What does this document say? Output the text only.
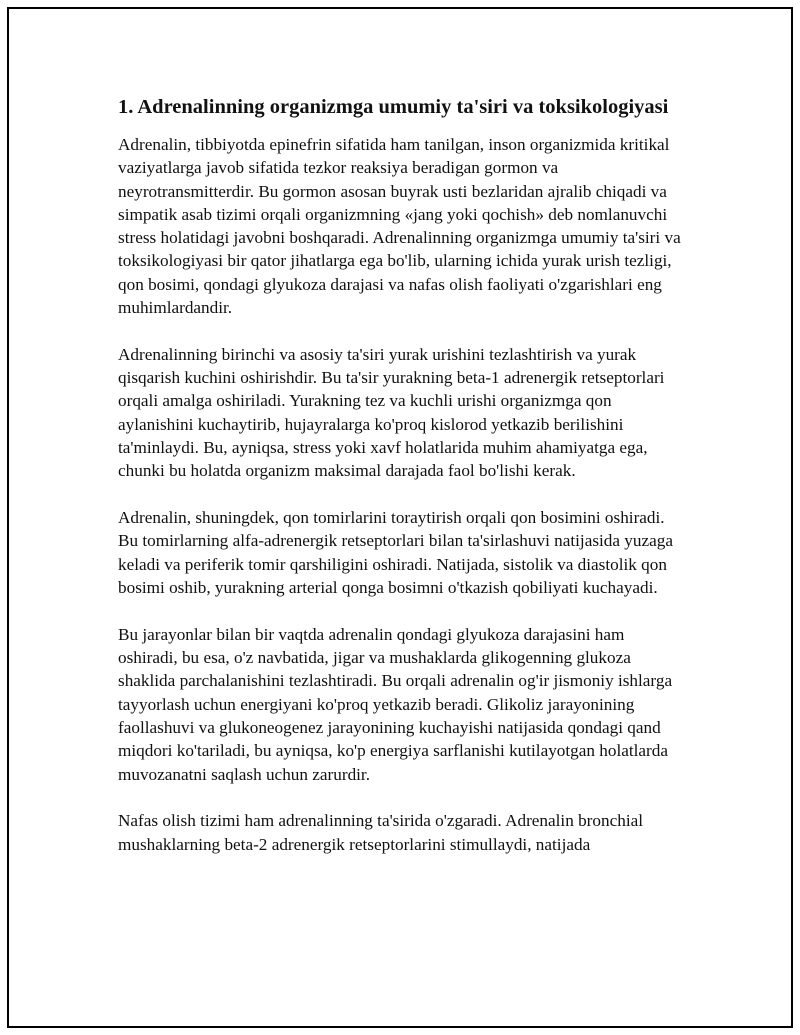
1. Adrenalinning organizmga umumiy ta'siri va toksikologiyasi

Adrenalin, tibbiyotda epinefrin sifatida ham tanilgan, inson organizmida kritikal vaziyatlarga javob sifatida tezkor reaksiya beradigan gormon va neyrotransmitterdir. Bu gormon asosan buyrak usti bezlaridan ajralib chiqadi va simpatik asab tizimi orqali organizmning «jang yoki qochish» deb nomlanuvchi stress holatidagi javobni boshqaradi. Adrenalinning organizmga umumiy ta'siri va toksikologiyasi bir qator jihatlarga ega bo'lib, ularning ichida yurak urish tezligi, qon bosimi, qondagi glyukoza darajasi va nafas olish faoliyati o'zgarishlari eng muhimlardandir.

Adrenalinning birinchi va asosiy ta'siri yurak urishini tezlashtirish va yurak qisqarish kuchini oshirishdir. Bu ta'sir yurakning beta-1 adrenergik retseptorlari orqali amalga oshiriladi. Yurakning tez va kuchli urishi organizmga qon aylanishini kuchaytirib, hujayralarga ko'proq kislorod yetkazib berilishini ta'minlaydi. Bu, ayniqsa, stress yoki xavf holatlarida muhim ahamiyatga ega, chunki bu holatda organizm maksimal darajada faol bo'lishi kerak.

Adrenalin, shuningdek, qon tomirlarini toraytirish orqali qon bosimini oshiradi. Bu tomirlarning alfa-adrenergik retseptorlari bilan ta'sirlashuvi natijasida yuzaga keladi va periferik tomir qarshiligini oshiradi. Natijada, sistolik va diastolik qon bosimi oshib, yurakning arterial qonga bosimni o'tkazish qobiliyati kuchayadi.

Bu jarayonlar bilan bir vaqtda adrenalin qondagi glyukoza darajasini ham oshiradi, bu esa, o'z navbatida, jigar va mushaklarda glikogenning glukoza shaklida parchalanishini tezlashtiradi. Bu orqali adrenalin og'ir jismoniy ishlarga tayyorlash uchun energiyani ko'proq yetkazib beradi. Glikoliz jarayonining faollashuvi va glukoneogenez jarayonining kuchayishi natijasida qondagi qand miqdori ko'tariladi, bu ayniqsa, ko'p energiya sarflanishi kutilayotgan holatlarda muvozanatni saqlash uchun zarurdir.

Nafas olish tizimi ham adrenalinning ta'sirida o'zgaradi. Adrenalin bronchial mushaklarning beta-2 adrenergik retseptorlarini stimullaydi, natijada
